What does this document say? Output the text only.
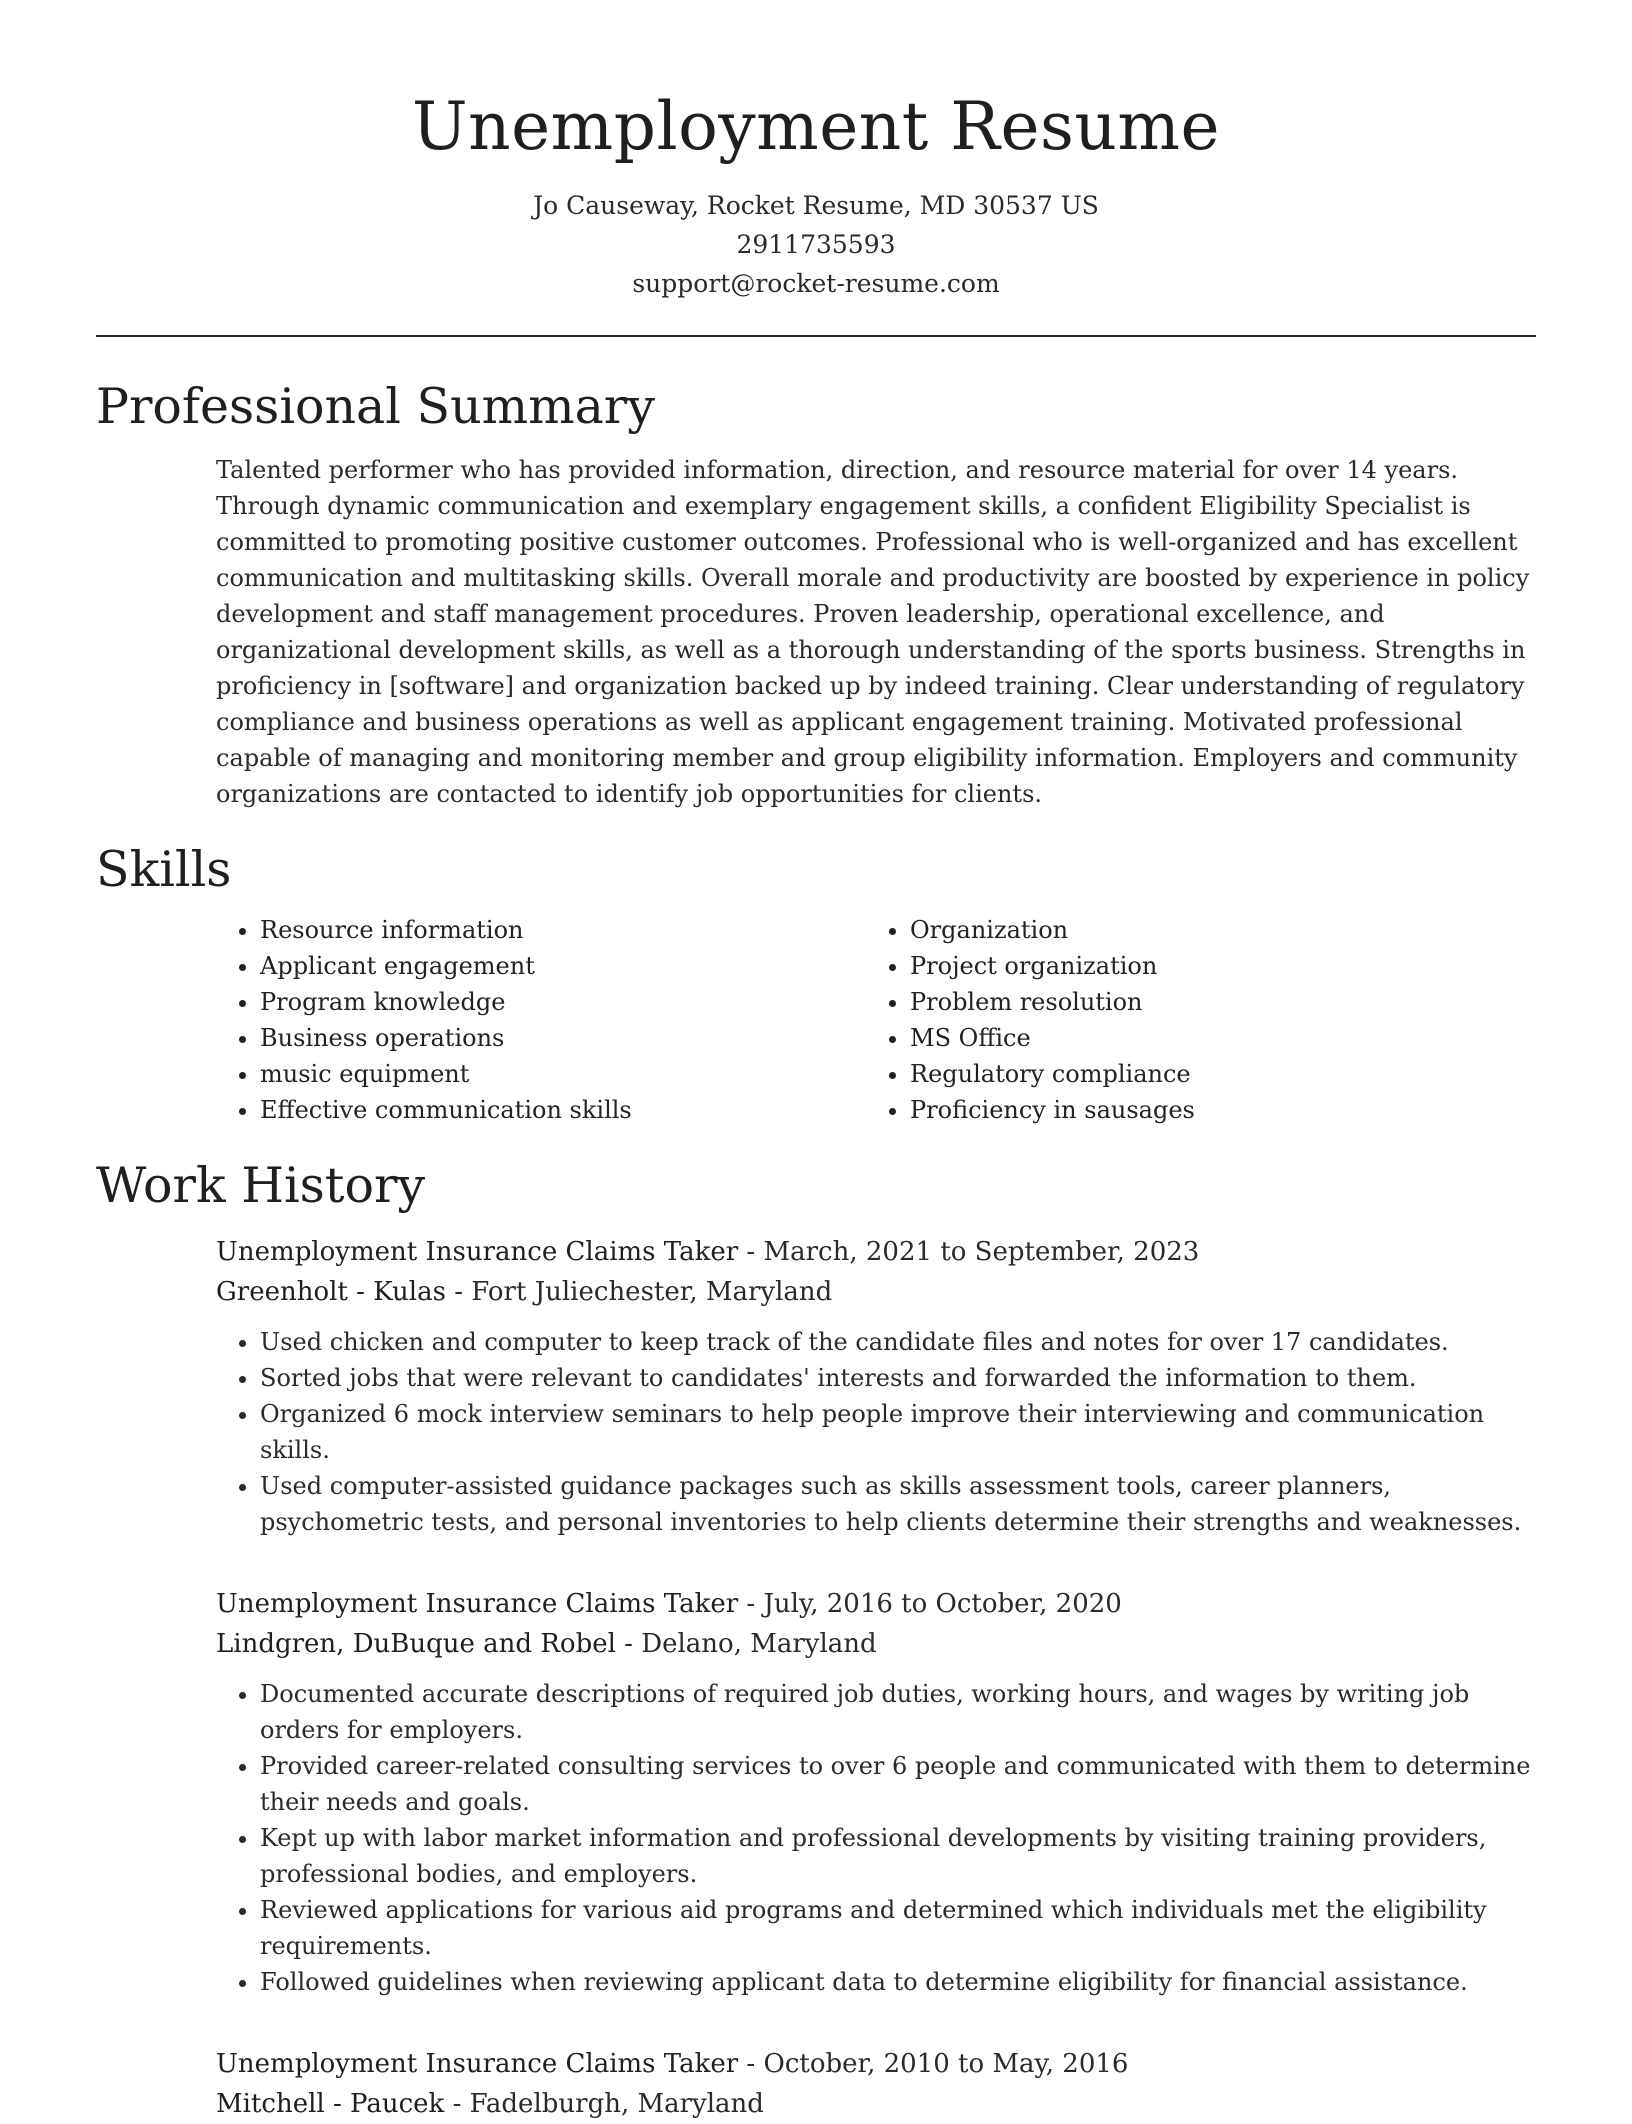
Unemployment Resume
Jo Causeway, Rocket Resume, MD 30537 US
2911735593
support@rocket-resume.com
Professional Summary

Talented performer who has provided information, direction, and resource material for over 14 years. Through dynamic communication and exemplary engagement skills, a confident Eligibility Specialist is committed to promoting positive customer outcomes. Professional who is well-organized and has excellent communication and multitasking skills. Overall morale and productivity are boosted by experience in policy development and staff management procedures. Proven leadership, operational excellence, and organizational development skills, as well as a thorough understanding of the sports business. Strengths in proficiency in [software] and organization backed up by indeed training. Clear understanding of regulatory compliance and business operations as well as applicant engagement training. Motivated professional capable of managing and monitoring member and group eligibility information. Employers and community organizations are contacted to identify job opportunities for clients.

Skills
• Resource information
• Applicant engagement
• Program knowledge
• Business operations
• music equipment
• Effective communication skills
• Organization
• Project organization
• Problem resolution
• MS Office
• Regulatory compliance
• Proficiency in sausages
Work History
Unemployment Insurance Claims Taker - March, 2021 to September, 2023
Greenholt - Kulas - Fort Juliechester, Maryland
• Used chicken and computer to keep track of the candidate files and notes for over 17 candidates.
• Sorted jobs that were relevant to candidates' interests and forwarded the information to them.
• Organized 6 mock interview seminars to help people improve their interviewing and communication skills.
• Used computer-assisted guidance packages such as skills assessment tools, career planners, psychometric tests, and personal inventories to help clients determine their strengths and weaknesses.
Unemployment Insurance Claims Taker - July, 2016 to October, 2020
Lindgren, DuBuque and Robel - Delano, Maryland
• Documented accurate descriptions of required job duties, working hours, and wages by writing job orders for employers.
• Provided career-related consulting services to over 6 people and communicated with them to determine their needs and goals.
• Kept up with labor market information and professional developments by visiting training providers, professional bodies, and employers.
• Reviewed applications for various aid programs and determined which individuals met the eligibility requirements.
• Followed guidelines when reviewing applicant data to determine eligibility for financial assistance.
Unemployment Insurance Claims Taker - October, 2010 to May, 2016
Mitchell - Paucek - Fadelburgh, Maryland
